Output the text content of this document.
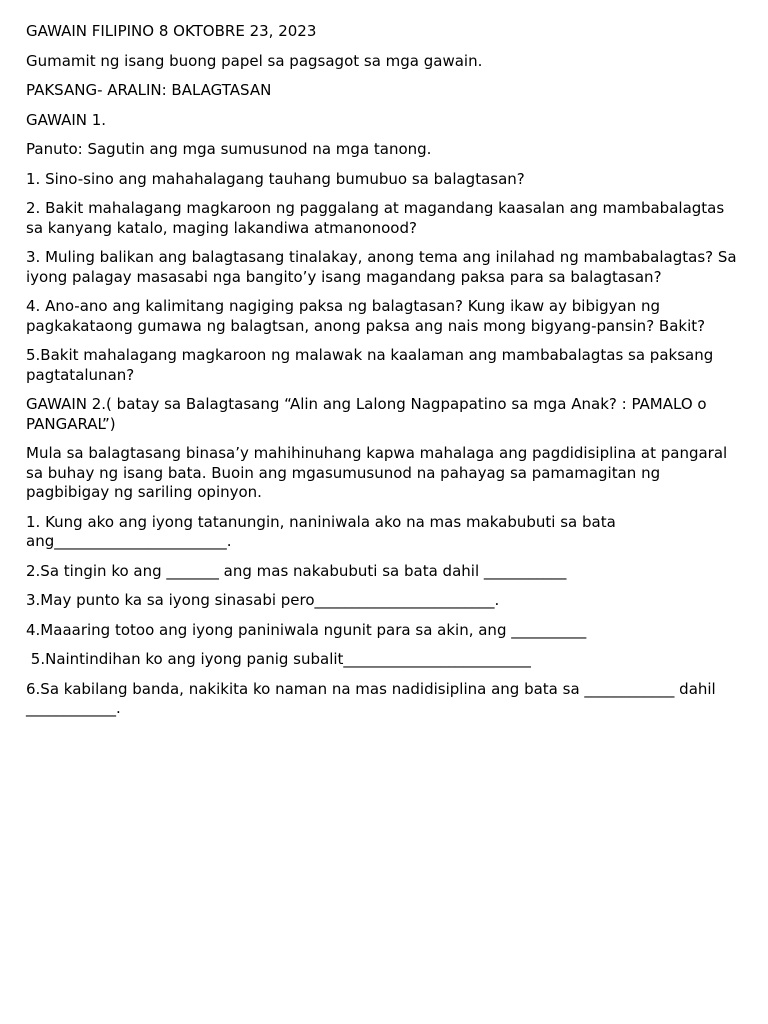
GAWAIN FILIPINO 8 OKTOBRE 23, 2023

Gumamit ng isang buong papel sa pagsagot sa mga gawain.

PAKSANG- ARALIN: BALAGTASAN

GAWAIN 1.

Panuto: Sagutin ang mga sumusunod na mga tanong.

1. Sino-sino ang mahahalagang tauhang bumubuo sa balagtasan?

2. Bakit mahalagang magkaroon ng paggalang at magandang kaasalan ang mambabalagtas sa kanyang katalo, maging lakandiwa atmanonood?

3. Muling balikan ang balagtasang tinalakay, anong tema ang inilahad ng mambabalagtas? Sa iyong palagay masasabi nga bangito’y isang magandang paksa para sa balagtasan?

4. Ano-ano ang kalimitang nagiging paksa ng balagtasan? Kung ikaw ay bibigyan ng pagkakataong gumawa ng balagtsan, anong paksa ang nais mong bigyang-pansin? Bakit?

5.Bakit mahalagang magkaroon ng malawak na kaalaman ang mambabalagtas sa paksang pagtatalunan?

GAWAIN 2.( batay sa Balagtasang “Alin ang Lalong Nagpapatino sa mga Anak? : PAMALO o PANGARAL”)

Mula sa balagtasang binasa’y mahihinuhang kapwa mahalaga ang pagdidisiplina at pangaral sa buhay ng isang bata. Buoin ang mgasumusunod na pahayag sa pamamagitan ng pagbibigay ng sariling opinyon.

1. Kung ako ang iyong tatanungin, naniniwala ako na mas makabubuti sa bata ang_______________________.

2.Sa tingin ko ang _______ ang mas nakabubuti sa bata dahil ___________

3.May punto ka sa iyong sinasabi pero________________________.

4.Maaaring totoo ang iyong paniniwala ngunit para sa akin, ang __________

5.Naintindihan ko ang iyong panig subalit_________________________

6.Sa kabilang banda, nakikita ko naman na mas nadidisiplina ang bata sa ____________ dahil ____________.
